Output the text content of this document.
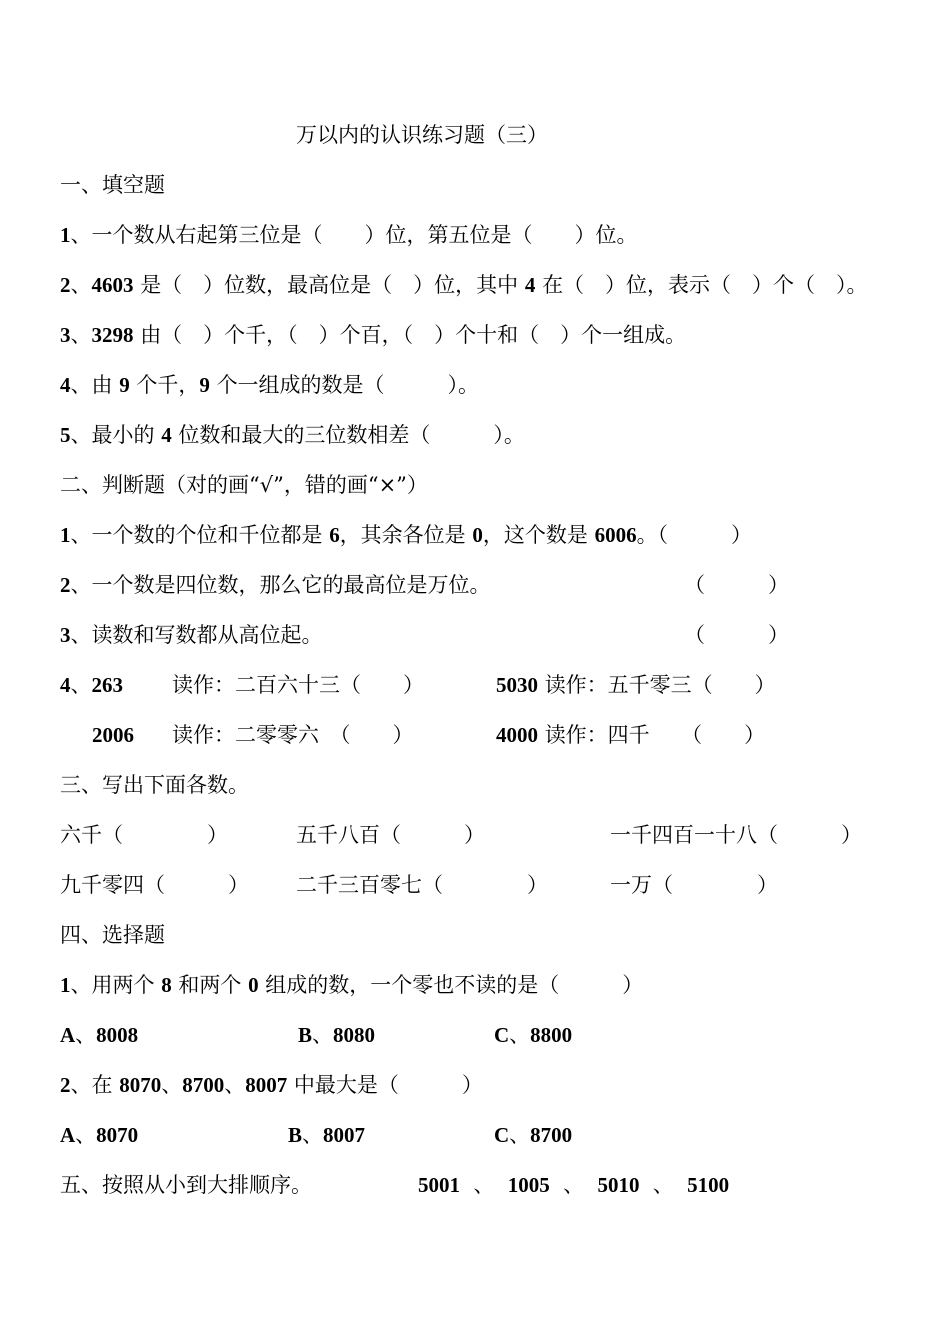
万以内的认识练习题（三）
一、填空题
1、一个数从右起第三位是（　　）位，第五位是（　　）位。
2、4603 是（　）位数，最高位是（　）位，其中 4 在（　）位，表示（　）个（　）。
3、3298 由（　）个千，（　）个百，（　）个十和（　）个一组成。
4、由 9 个千，9 个一组成的数是（　　　）。
5、最小的 4 位数和最大的三位数相差（　　　）。
二、判断题（对的画“√”，错的画“×”）
1、一个数的个位和千位都是 6，其余各位是 0，这个数是 6006。（　　　）
2、一个数是四位数，那么它的最高位是万位。	（　　　）
3、读数和写数都从高位起。	（　　　）
4、263 读作：二百六十三（　　）	5030 读作：五千零三（　　）
2006 读作：二零零六　（　　）	4000 读作：四千　　（　　）
三、写出下面各数。
六千（　　　　）	五千八百（　　　）	一千四百一十八（　　　）
九千零四（　　　） 二千三百零七（　　　　）	一万（　　　　）
四、选择题
1、用两个 8 和两个 0 组成的数，一个零也不读的是（　　　）
A、8008	B、8080	C、8800
2、在 8070、8700、8007 中最大是（　　　）
A、8070	B、8007	C、8700
五、按照从小到大排顺序。	5001 、 1005 、 5010 、 5100
